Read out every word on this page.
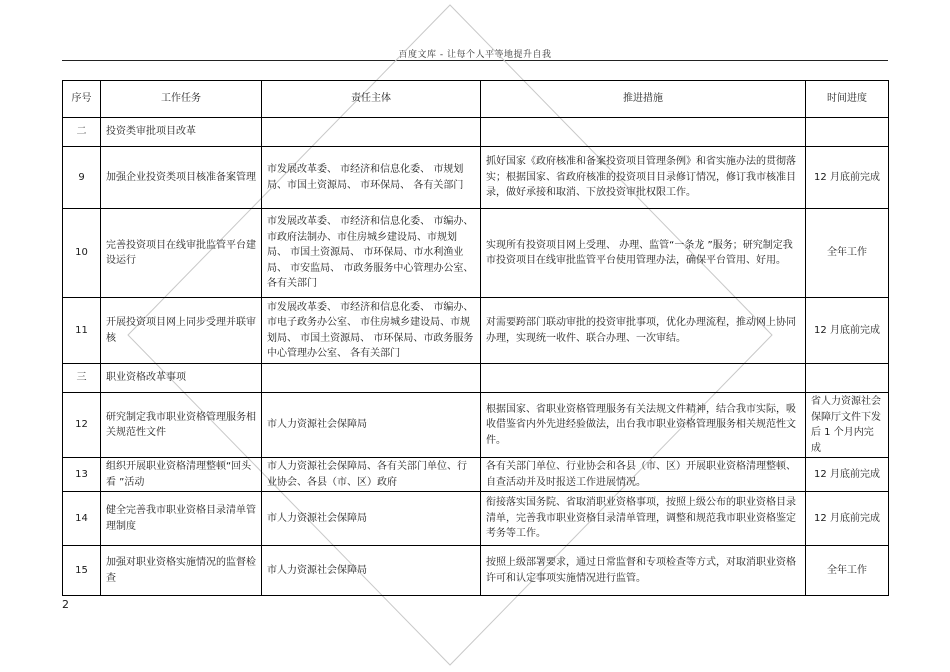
百度文库 - 让每个人平等地提升自我
序号	工作任务	责任主体	推进措施	时间进度
二	投资类审批项目改革			
9	加强企业投资类项目核准备案管理	市发展改革委、 市经济和信息化委、 市规划局、市国土资源局、 市环保局、 各有关部门	抓好国家《政府核准和备案投资项目管理条例》和省实施办法的贯彻落实；根据国家、省政府核准的投资项目目录修订情况，修订我市核准目录，做好承接和取消、下放投资审批权限工作。	12 月底前完成
10	完善投资项目在线审批监管平台建设运行	市发展改革委、 市经济和信息化委、 市编办、市政府法制办、市住房城乡建设局、市规划局、 市国土资源局、 市环保局、市水利渔业局、 市安监局、 市政务服务中心管理办公室、 各有关部门	实现所有投资项目网上受理、 办理、监管“一条龙 ”服务；研究制定我市投资项目在线审批监管平台使用管理办法，确保平台管用、好用。	全年工作
11	开展投资项目网上同步受理并联审核	市发展改革委、 市经济和信息化委、 市编办、市电子政务办公室、 市住房城乡建设局、市规划局、 市国土资源局、 市环保局、市政务服务中心管理办公室、 各有关部门	对需要跨部门联动审批的投资审批事项，优化办理流程，推动网上协同办理，实现统一收件、联合办理、一次审结。	12 月底前完成
三	职业资格改革事项			
12	研究制定我市职业资格管理服务相关规范性文件	市人力资源社会保障局	根据国家、省职业资格管理服务有关法规文件精神，结合我市实际，吸收借鉴省内外先进经验做法，出台我市职业资格管理服务相关规范性文件。	省人力资源社会保障厅文件下发后 1 个月内完成
13	组织开展职业资格清理整顿“回头看 ”活动	市人力资源社会保障局、各有关部门单位、行业协会、各县（市、区）政府	各有关部门单位、行业协会和各县（市、区）开展职业资格清理整顿、自查活动并及时报送工作进展情况。	12 月底前完成
14	健全完善我市职业资格目录清单管理制度	市人力资源社会保障局	衔接落实国务院、省取消职业资格事项，按照上级公布的职业资格目录清单，完善我市职业资格目录清单管理，调整和规范我市职业资格鉴定考务等工作。	12 月底前完成
15	加强对职业资格实施情况的监督检查	市人力资源社会保障局	按照上级部署要求，通过日常监督和专项检查等方式，对取消职业资格许可和认定事项实施情况进行监管。	全年工作
2
